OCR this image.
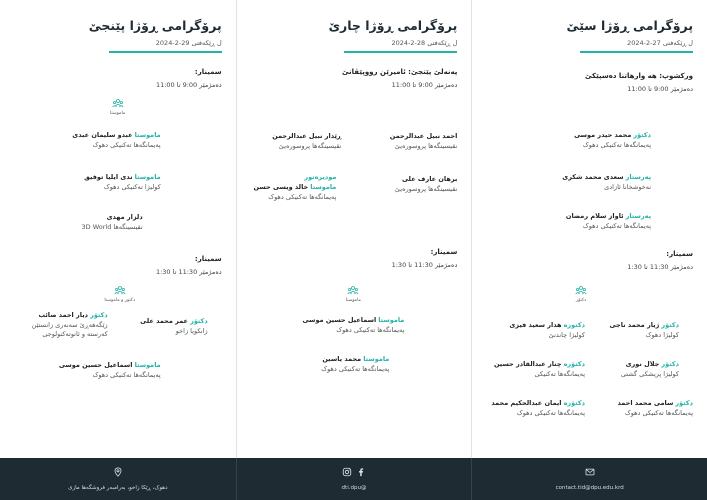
پرۆگرامی ڕۆژا پێنجێ
ل ڕێکەفتی 29-2-2024
سمینار:
دەمژمێر 9:00 تا 11:00
ماموستا
ماموستا عبدو سلیمان عبدی
پەیمانگەها تەکنیکی دهوک
ماموستا ندی ایلیا توفیق
کولیژا تەکنیکی دهوک
دلزار مهدی
نقیسینگەها 3D World
سمینار:
دەمژمێر 11:30 تا 1:30
دکتور و ماموستا
دکتۆر عمر محمد علی
زانکویا زاخو
دکتۆر دیار احمد صائب
زێگەهەڕێ سەنەری زانستێن کەرسته و ئانوتەکنولوجی
ماموستا اسماعیل حسین موسی
پەیمانگەها تەکنیکی دهوک
پرۆگرامی ڕۆژا چارێ
ل ڕێکەفتی 28-2-2024
پەنەلێ پێنجێ: ئامیرێن رووپێڤانێ
دەمژمێر 9:00 تا 11:00
احمد نبیل عبدالرحمن
نقیسینگەها پروسورەیێ
ڕێدار نبیل عبدالرحمن
نقیسینگەها پروسورەیێ
برهان عارف علی
نقیسینگەها پروسورەیێ
مودیرەتور
ماموستا خالد ویسی حسن
پەیمانگەها تەکنیکی دهوک
سمینار:
دەمژمێر 11:30 تا 1:30
ماموستا
ماموستا اسماعیل حسین موسی
پەیمانگەها تەکنیکی دهوک
ماموستا محمد یاسین
پەیمانگەها تەکنیکی دهوک
پرۆگرامی ڕۆژا سێێ
ل ڕێکەفتی 27-2-2024
ورکشوپ: هە وارهاتنا دەسپێکێ
دەمژمێر 9:00 تا 11:00
دکتۆر محمد حیدر موسی
پەیمانگەها تەکنیکی دهوک
پەرستار سعدی محمد شکری
نەخوشخانا ئازادی
پەرستار ئاواز سلام رمضان
پەیمانگەها تەکنیکی دهوک
سمینار:
دەمژمێر 11:30 تا 1:30
دکتۆر
دکتۆر ژیار محمد ناجی
کولیژا دهوک
دکتورە هدار سعید فیزی
کولیژا چاندنێ
دکتۆر جلال نوری
کولیژا پزیشکی گشتی
دکتۆرە چنار عبدالقادر حسین
پەیمانگەها تەکنیکی
دکتۆر سامی محمد احمد
پەیمانگەها تەکنیکی دهوک
دکتۆرە ایمان عبدالحکیم محمد
پەیمانگەها تەکنیکی دهوک
دهوک، ڕێکا زاخو، بەرامبەر فروشگەها مازی	@dti.dpu	contact.tid@dpu.edu.krd
